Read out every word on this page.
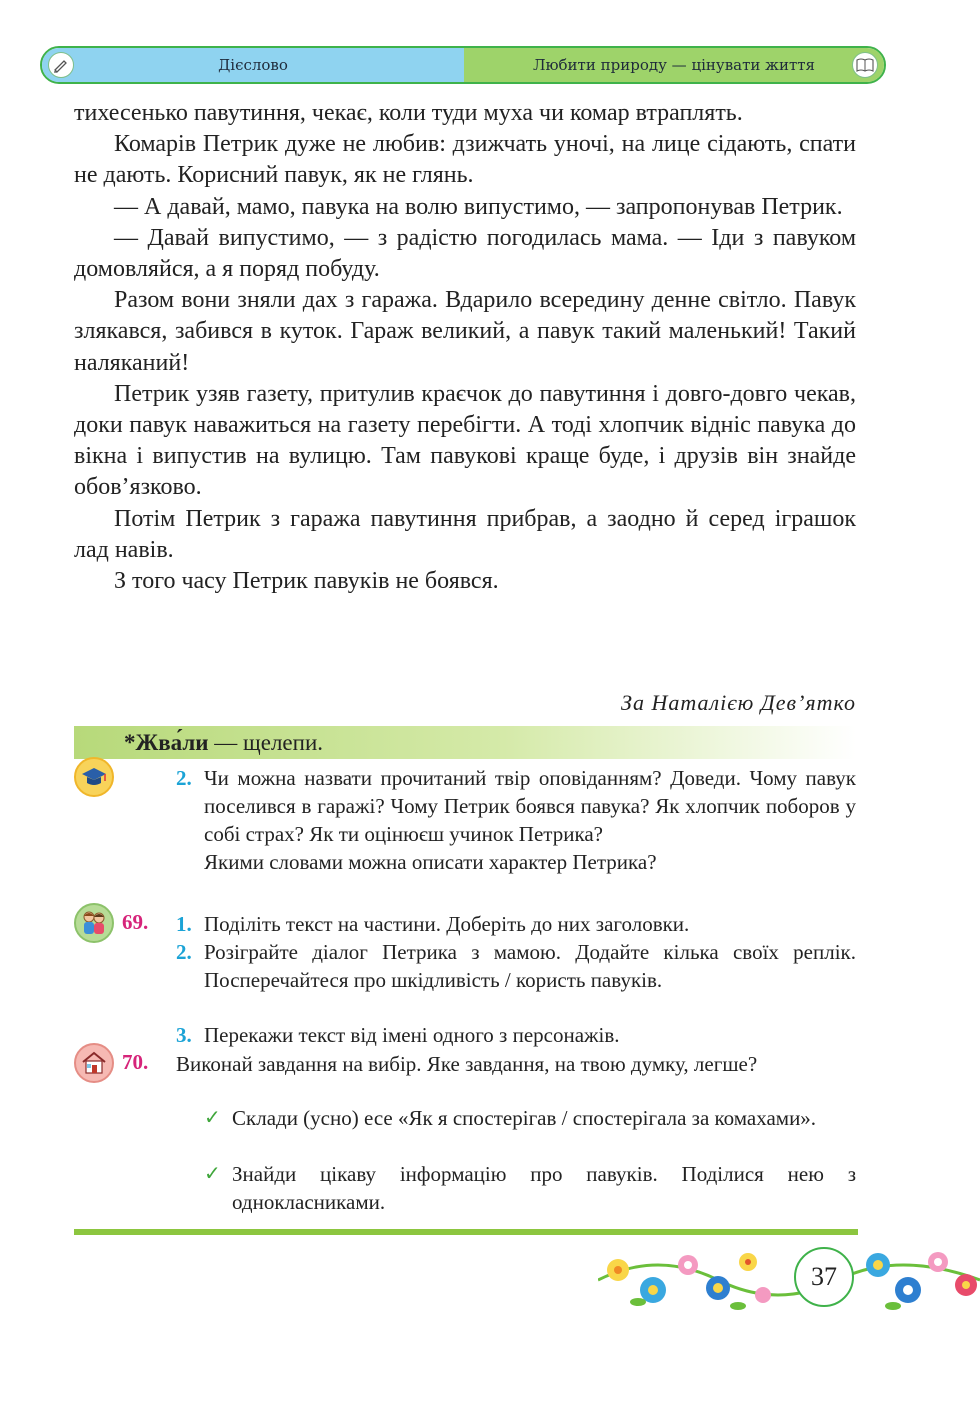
Дієслово	Любити природу — цінувати життя

тихесенько павутиння, чекає, коли туди муха чи комар втраплять.

Комарів Петрик дуже не любив: дзижчать уночі, на лице сідають, спати не дають. Корисний павук, як не глянь.

— А давай, мамо, павука на волю випустимо, — запропонував Петрик.

— Давай випустимо, — з радістю погодилась мама. — Іди з павуком домовляйся, а я поряд побуду.

Разом вони зняли дах з гаража. Вдарило всередину денне світло. Павук злякався, забився в куток. Гараж великий, а павук такий маленький! Такий наляканий!

Петрик узяв газету, притулив краєчок до павутиння і довго-довго чекав, доки павук наважиться на газету перебігти. А тоді хлопчик відніс павука до вікна і випустив на вулицю. Там павукові краще буде, і друзів він знайде обов’язково.

Потім Петрик з гаража павутиння прибрав, а заодно й серед іграшок лад навів.

З того часу Петрик павуків не боявся.

За Наталією Дев’ятко
*Жва́ли — щелепи.
2. Чи можна назвати прочитаний твір оповіданням? Доведи. Чому павук поселився в гаражі? Чому Петрик боявся павука? Як хлопчик поборов у собі страх? Як ти оцінюєш учинок Петрика?
Якими словами можна описати характер Петрика?
69. 1. Поділіть текст на частини. Доберіть до них заголовки.
2. Розіграйте діалог Петрика з мамою. Додайте кілька своїх реплік. Посперечайтеся про шкідливість / користь павуків.
3. Перекажи текст від імені одного з персонажів.
70. Виконай завдання на вибір. Яке завдання, на твою думку, легше?
✓ Склади (усно) есе «Як я спостерігав / спостерігала за комахами».
✓ Знайди цікаву інформацію про павуків. Поділися нею з однокласниками.
37
